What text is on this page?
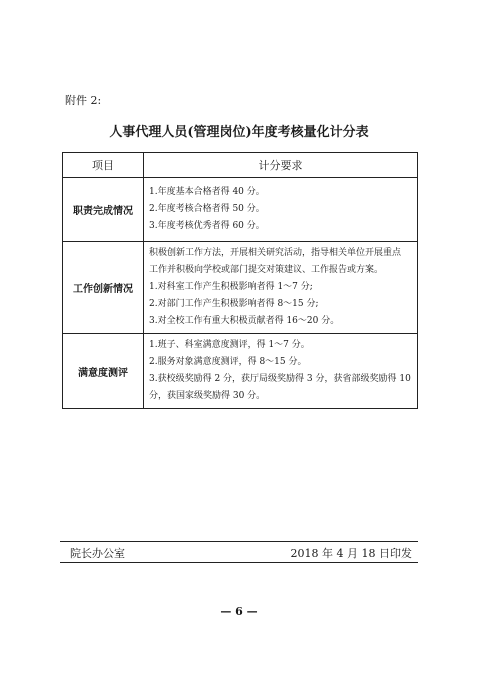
附件 2:
人事代理人员(管理岗位)年度考核量化计分表
项目	计分要求
职责完成情况	1.年度基本合格者得 40 分。
2.年度考核合格者得 50 分。
3.年度考核优秀者得 60 分。

工作创新情况	积极创新工作方法，开展相关研究活动，指导相关单位开展重点
工作并积极向学校或部门提交对策建议、工作报告或方案。
1.对科室工作产生积极影响者得 1～7 分;
2.对部门工作产生积极影响者得 8～15 分;
3.对全校工作有重大积极贡献者得 16～20 分。

满意度测评	1.班子、科室满意度测评，得 1～7 分。
2.服务对象满意度测评，得 8～15 分。
3.获校级奖励得 2 分，获厅局级奖励得 3 分，获省部级奖励得 10
分，获国家级奖励得 30 分。
院长办公室	2018 年 4 月 18 日印发
— 6 —
